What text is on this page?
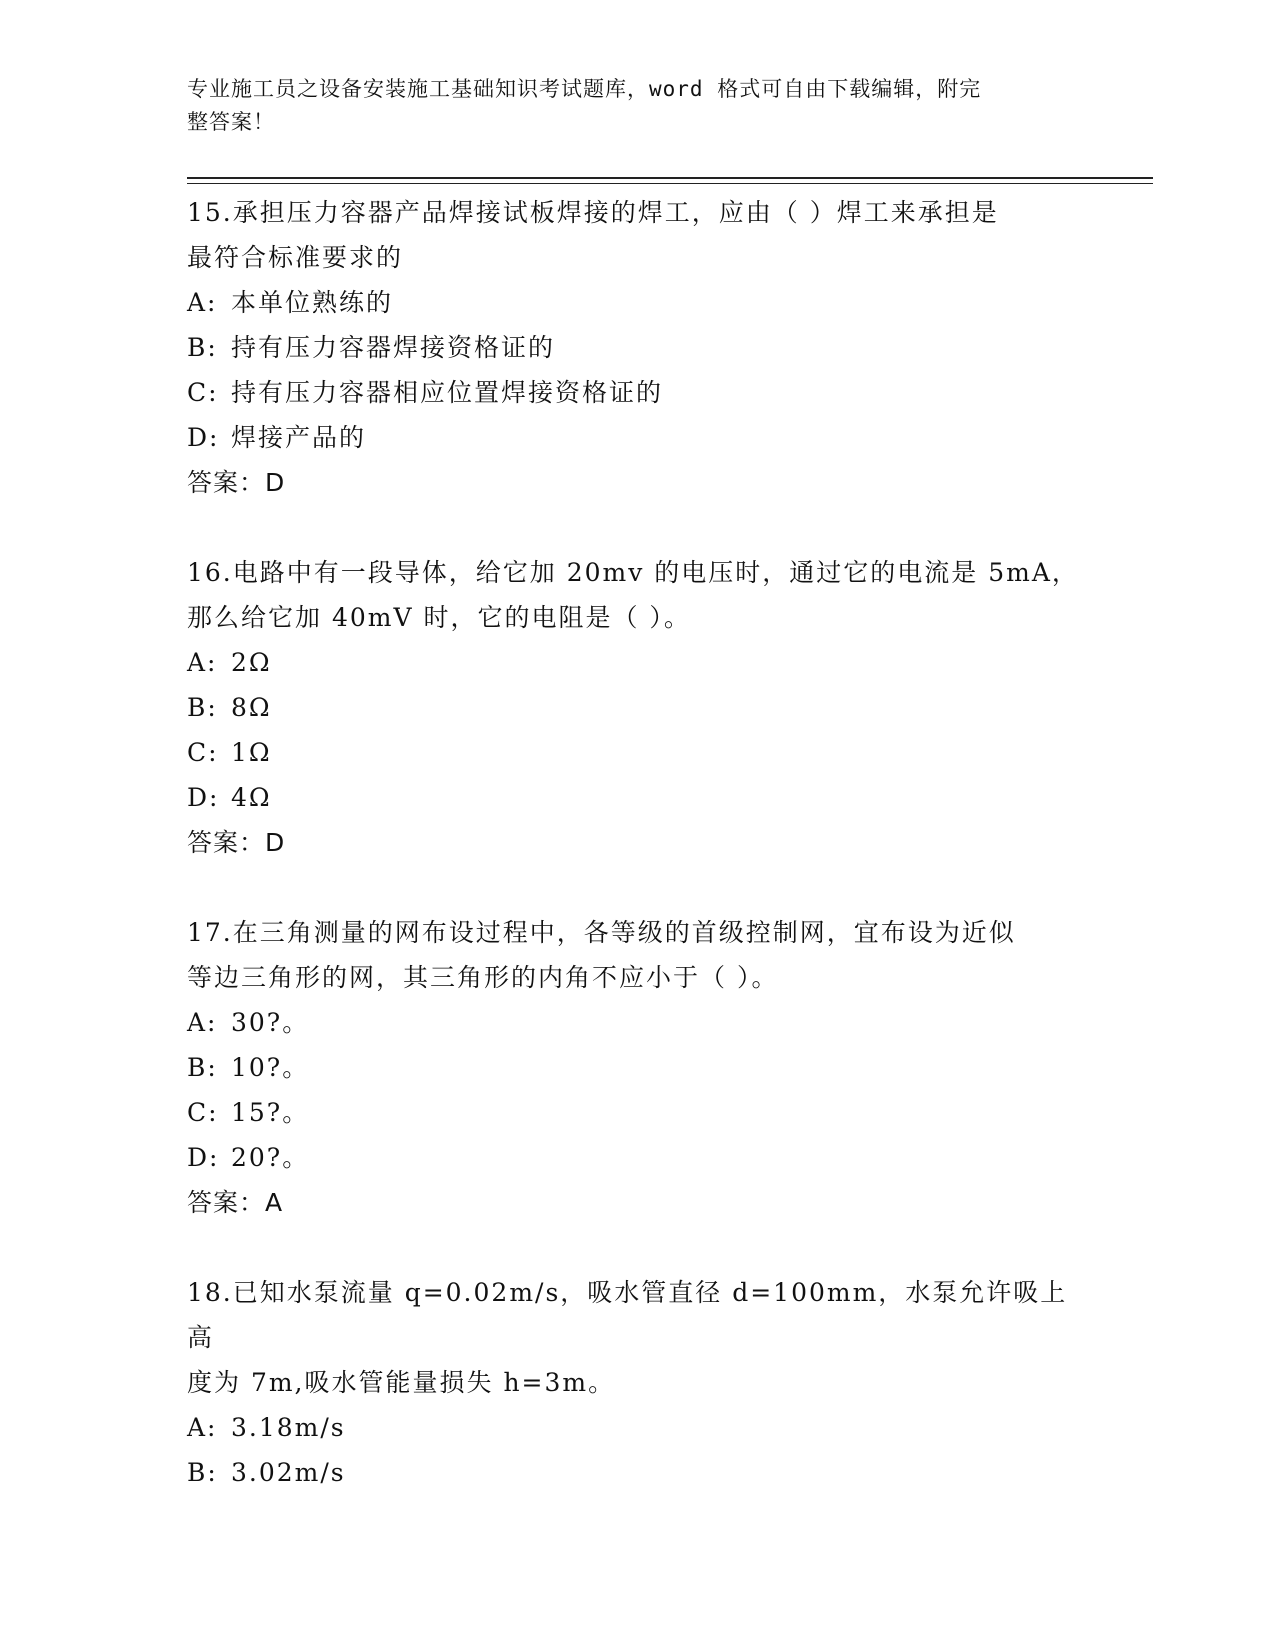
专业施工员之设备安装施工基础知识考试题库，word 格式可自由下载编辑，附完
整答案！

15.承担压力容器产品焊接试板焊接的焊工，应由（ ）焊工来承担是

最符合标准要求的

A: 本单位熟练的

B: 持有压力容器焊接资格证的

C: 持有压力容器相应位置焊接资格证的

D: 焊接产品的

答案：D

16.电路中有一段导体，给它加 20mv 的电压时，通过它的电流是 5mA，

那么给它加 40mV 时，它的电阻是（ ）。

A: 2Ω

B: 8Ω

C: 1Ω

D: 4Ω

答案：D

17.在三角测量的网布设过程中，各等级的首级控制网，宜布设为近似

等边三角形的网，其三角形的内角不应小于（ ）。

A: 30?。

B: 10?。

C: 15?。

D: 20?。

答案：A

18.已知水泵流量 q=0.02m/s，吸水管直径 d=100mm，水泵允许吸上高

度为 7m,吸水管能量损失 h=3m。

A: 3.18m/s

B: 3.02m/s
